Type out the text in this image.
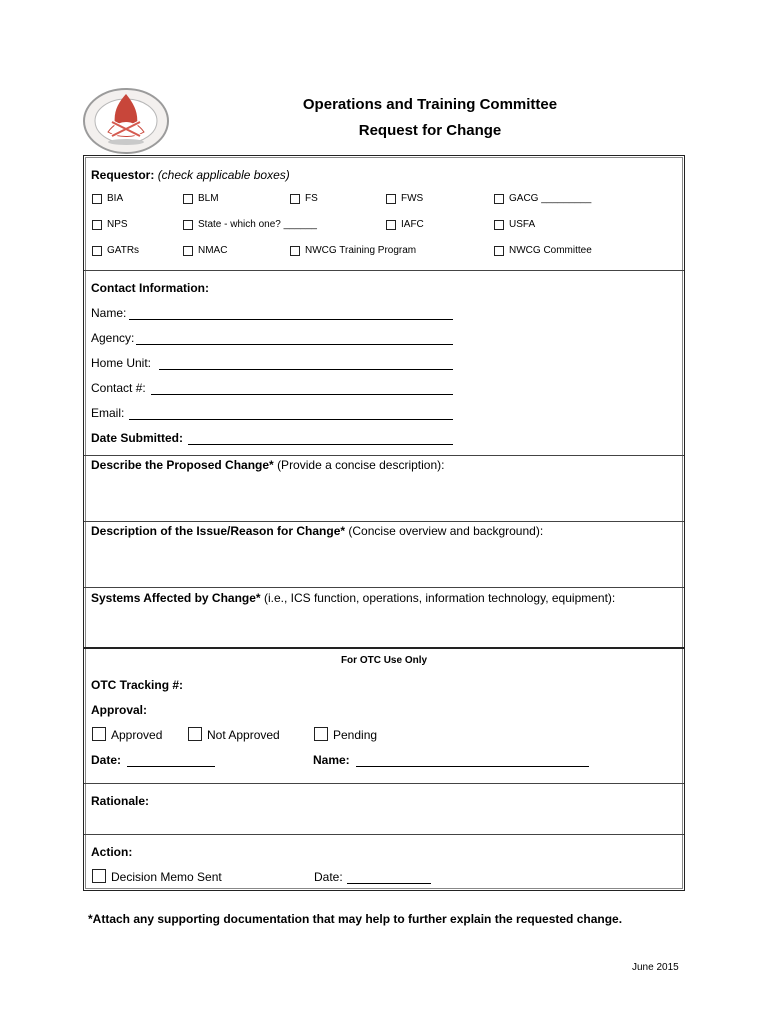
Operations and Training Committee
Request for Change
Requestor: (check applicable boxes)
BIA	BLM	FS	FWS	GACG _________
NPS	State - which one? ______	IAFC	USFA
GATRs	NMAC	NWCG Training Program	NWCG Committee
Contact Information:
Name:
Agency:
Home Unit:
Contact #:
Email:
Date Submitted:
Describe the Proposed Change* (Provide a concise description):
Description of the Issue/Reason for Change* (Concise overview and background):
Systems Affected by Change* (i.e., ICS function, operations, information technology, equipment):
For OTC Use Only
OTC Tracking #:
Approval:
Approved	Not Approved	Pending
Date:	Name:
Rationale:
Action:
Decision Memo Sent	Date:
*Attach any supporting documentation that may help to further explain the requested change.
June 2015
